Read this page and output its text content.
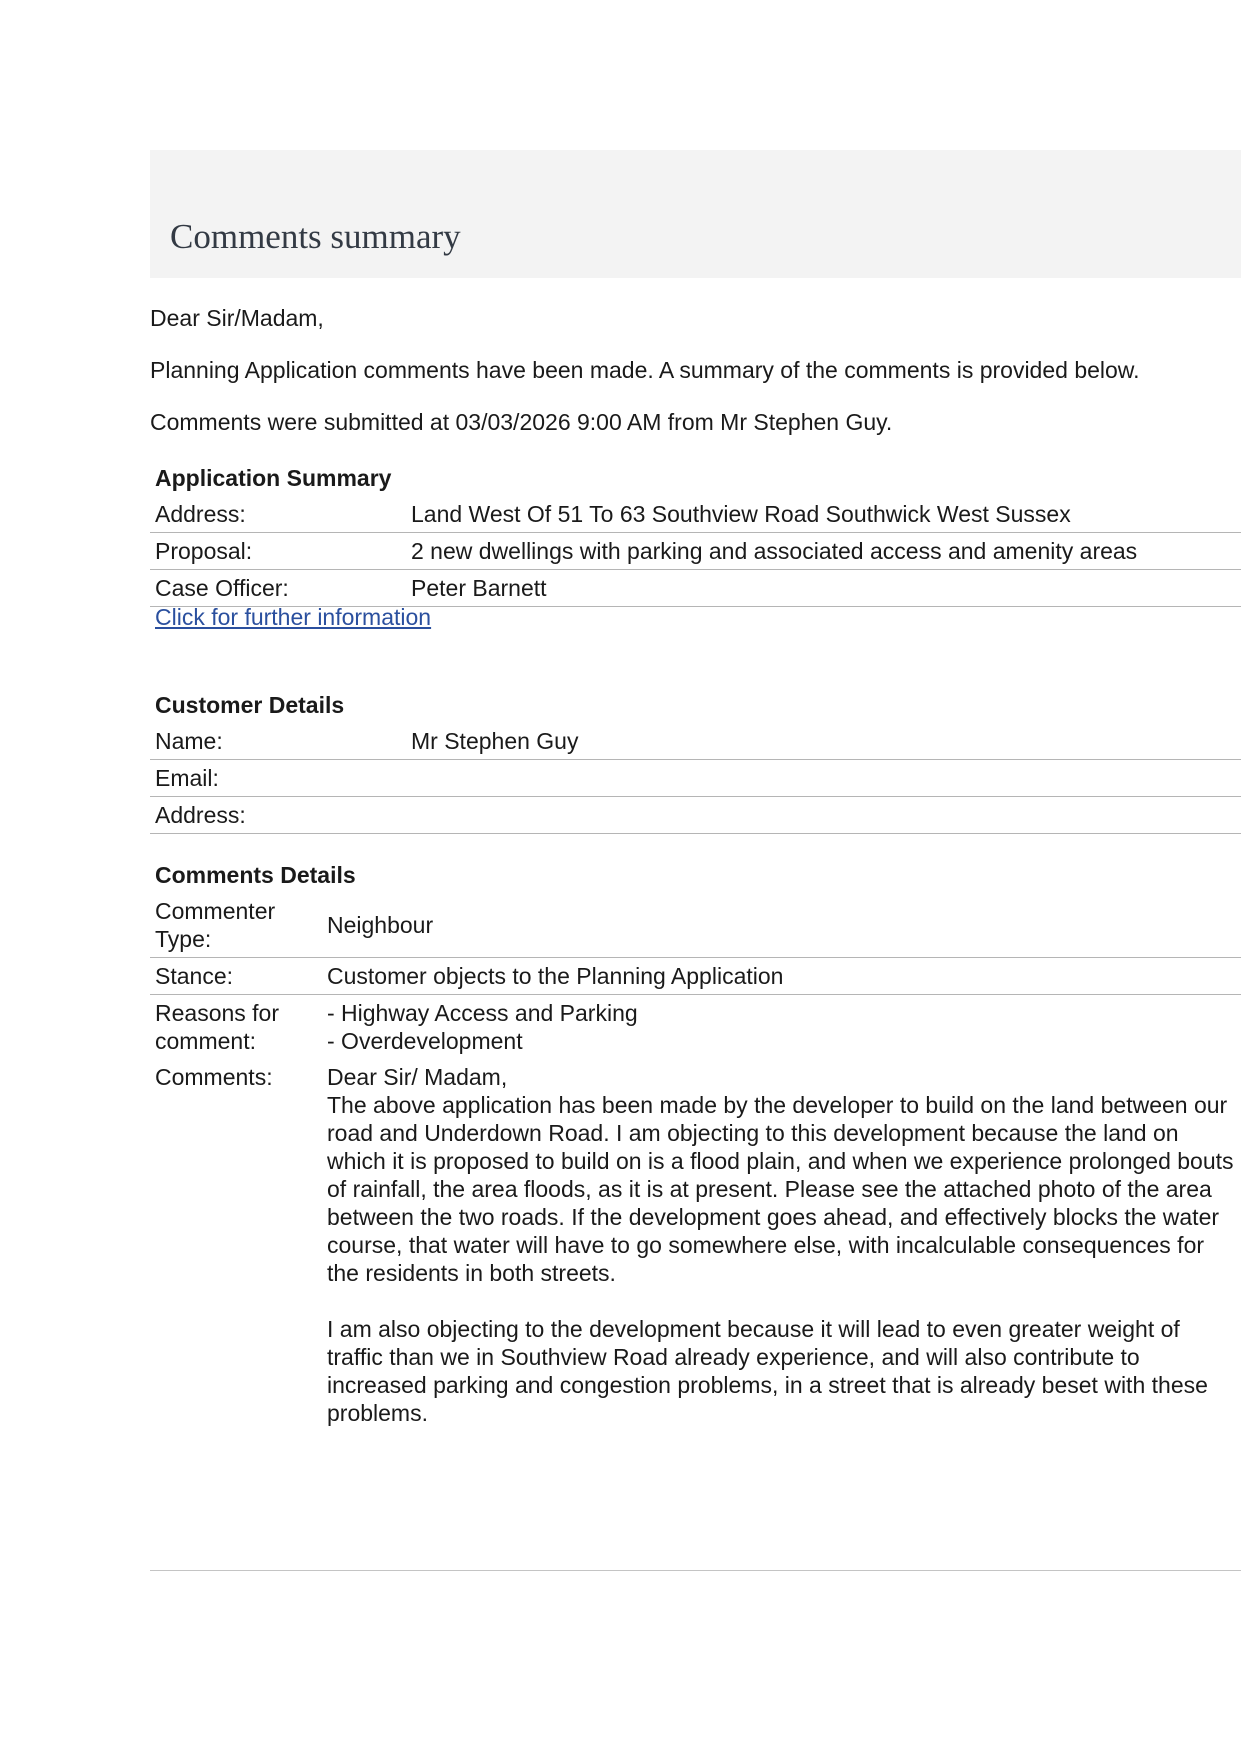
Comments summary

Dear Sir/Madam,

Planning Application comments have been made. A summary of the comments is provided below.

Comments were submitted at 03/03/2026 9:00 AM from Mr Stephen Guy.

Application Summary
Address:	Land West Of 51 To 63 Southview Road Southwick West Sussex
Proposal:	2 new dwellings with parking and associated access and amenity areas
Case Officer:	Peter Barnett
Click for further information
Customer Details
Name:	Mr Stephen Guy
Email:	
Address:	
Comments Details
Commenter Type:	Neighbour
Stance:	Customer objects to the Planning Application
Reasons for comment:	- Highway Access and Parking
- Overdevelopment

Comments:	Dear Sir/ Madam,
The above application has been made by the developer to build on the land between our road and Underdown Road. I am objecting to this development because the land on which it is proposed to build on is a flood plain, and when we experience prolonged bouts of rainfall, the area floods, as it is at present. Please see the attached photo of the area between the two roads. If the development goes ahead, and effectively blocks the water course, that water will have to go somewhere else, with incalculable consequences for the residents in both streets.
I am also objecting to the development because it will lead to even greater weight of traffic than we in Southview Road already experience, and will also contribute to increased parking and congestion problems, in a street that is already beset with these problems.
